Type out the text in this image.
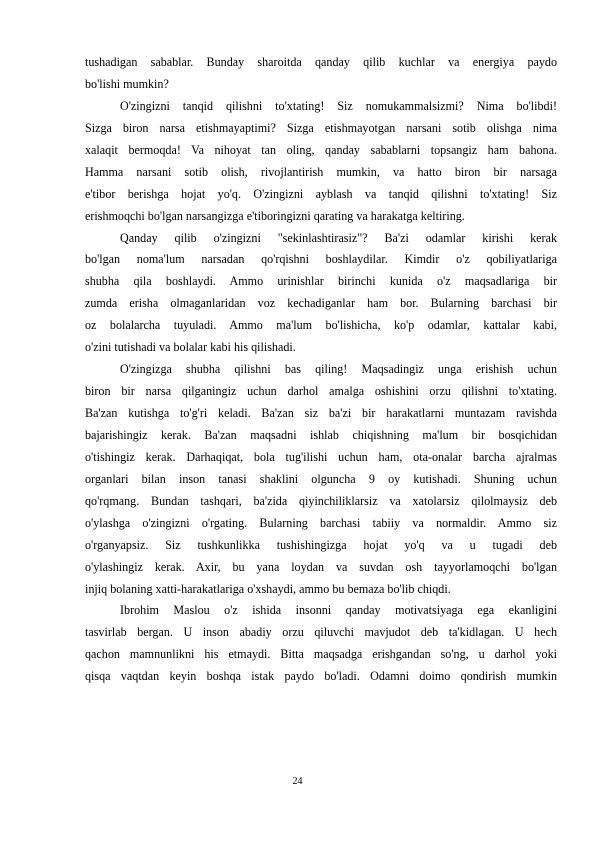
tushadigan sabablar. Bunday sharoitda qanday qilib kuchlar va energiya paydo
bo'lishi mumkin?
O'zingizni tanqid qilishni to'xtating! Siz nomukammalsizmi? Nima bo'libdi!
Sizga biron narsa etishmayaptimi? Sizga etishmayotgan narsani sotib olishga nima
xalaqit bermoqda! Va nihoyat tan oling, qanday sabablarni topsangiz ham bahona.
Hamma narsani sotib olish, rivojlantirish mumkin, va hatto biron bir narsaga
e'tibor berishga hojat yo'q. O'zingizni ayblash va tanqid qilishni to'xtating! Siz
erishmoqchi bo'lgan narsangizga e'tiboringizni qarating va harakatga keltiring.
Qanday qilib o'zingizni "sekinlashtirasiz"? Ba'zi odamlar kirishi kerak
bo'lgan noma'lum narsadan qo'rqishni boshlaydilar. Kimdir o'z qobiliyatlariga
shubha qila boshlaydi. Ammo urinishlar birinchi kunida o'z maqsadlariga bir
zumda erisha olmaganlaridan voz kechadiganlar ham bor. Bularning barchasi bir
oz bolalarcha tuyuladi. Ammo ma'lum bo'lishicha, ko'p odamlar, kattalar kabi,
o'zini tutishadi va bolalar kabi his qilishadi.
O'zingizga shubha qilishni bas qiling! Maqsadingiz unga erishish uchun
biron bir narsa qilganingiz uchun darhol amalga oshishini orzu qilishni to'xtating.
Ba'zan kutishga to'g'ri keladi. Ba'zan siz ba'zi bir harakatlarni muntazam ravishda
bajarishingiz kerak. Ba'zan maqsadni ishlab chiqishning ma'lum bir bosqichidan
o'tishingiz kerak. Darhaqiqat, bola tug'ilishi uchun ham, ota-onalar barcha ajralmas
organlari bilan inson tanasi shaklini olguncha 9 oy kutishadi. Shuning uchun
qo'rqmang. Bundan tashqari, ba'zida qiyinchiliklarsiz va xatolarsiz qilolmaysiz deb
o'ylashga o'zingizni o'rgating. Bularning barchasi tabiiy va normaldir. Ammo siz
o'rganyapsiz. Siz tushkunlikka tushishingizga hojat yo'q va u tugadi deb
o'ylashingiz kerak. Axir, bu yana loydan va suvdan osh tayyorlamoqchi bo'lgan
injiq bolaning xatti-harakatlariga o'xshaydi, ammo bu bemaza bo'lib chiqdi.
Ibrohim Maslou o'z ishida insonni qanday motivatsiyaga ega ekanligini
tasvirlab bergan. U inson abadiy orzu qiluvchi mavjudot deb ta'kidlagan. U hech
qachon mamnunlikni his etmaydi. Bitta maqsadga erishgandan so'ng, u darhol yoki
qisqa vaqtdan keyin boshqa istak paydo bo'ladi. Odamni doimo qondirish mumkin
24
